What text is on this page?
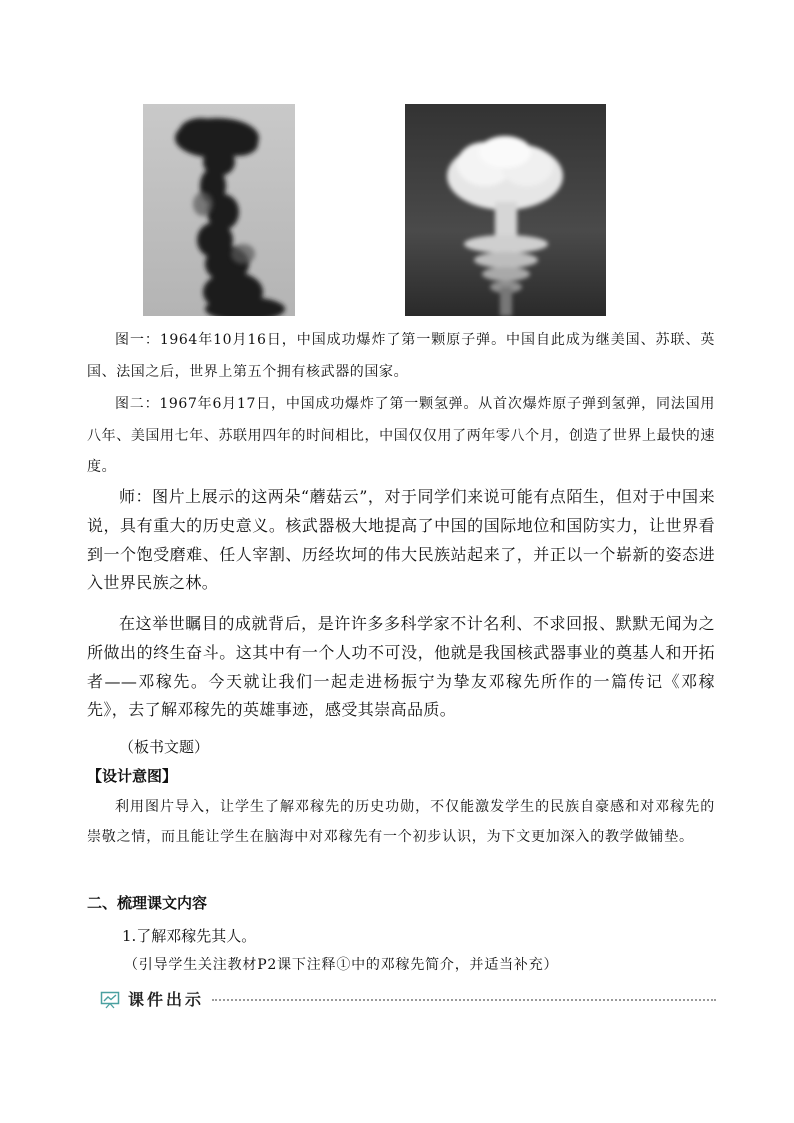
图一：1964年10月16日，中国成功爆炸了第一颗原子弹。中国自此成为继美国、苏联、英国、法国之后，世界上第五个拥有核武器的国家。

图二：1967年6月17日，中国成功爆炸了第一颗氢弹。从首次爆炸原子弹到氢弹，同法国用八年、美国用七年、苏联用四年的时间相比，中国仅仅用了两年零八个月，创造了世界上最快的速度。

师：图片上展示的这两朵“蘑菇云”，对于同学们来说可能有点陌生，但对于中国来说，具有重大的历史意义。核武器极大地提高了中国的国际地位和国防实力，让世界看到一个饱受磨难、任人宰割、历经坎坷的伟大民族站起来了，并正以一个崭新的姿态进入世界民族之林。

在这举世瞩目的成就背后，是许许多多科学家不计名利、不求回报、默默无闻为之所做出的终生奋斗。这其中有一个人功不可没，他就是我国核武器事业的奠基人和开拓者——邓稼先。今天就让我们一起走进杨振宁为挚友邓稼先所作的一篇传记《邓稼先》，去了解邓稼先的英雄事迹，感受其崇高品质。

（板书文题）

【设计意图】

利用图片导入，让学生了解邓稼先的历史功勋，不仅能激发学生的民族自豪感和对邓稼先的崇敬之情，而且能让学生在脑海中对邓稼先有一个初步认识，为下文更加深入的教学做铺垫。

二、梳理课文内容

1.了解邓稼先其人。

（引导学生关注教材P2课下注释①中的邓稼先简介，并适当补充）

课件出示
